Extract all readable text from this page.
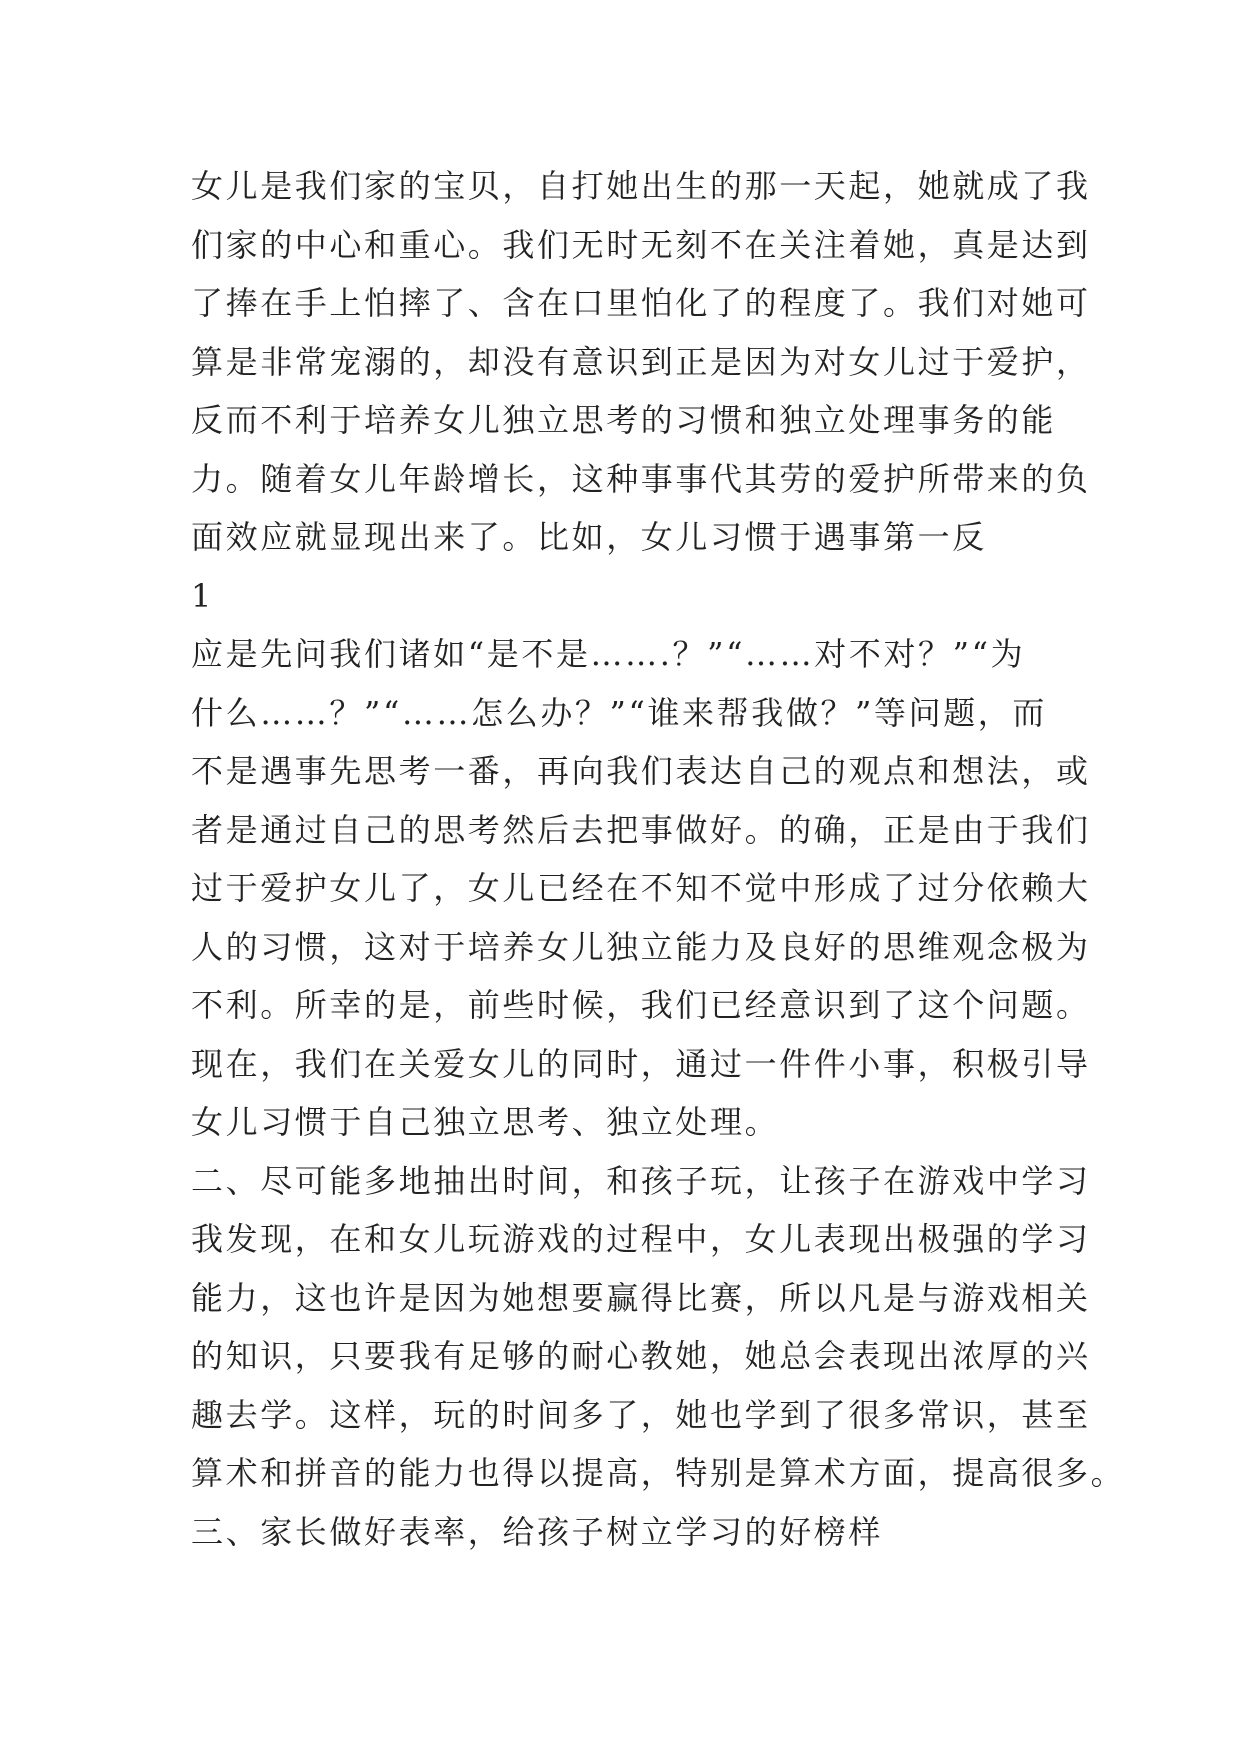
女儿是我们家的宝贝，自打她出生的那一天起，她就成了我
们家的中心和重心。我们无时无刻不在关注着她，真是达到
了捧在手上怕摔了、含在口里怕化了的程度了。我们对她可
算是非常宠溺的，却没有意识到正是因为对女儿过于爱护，
反而不利于培养女儿独立思考的习惯和独立处理事务的能
力。随着女儿年龄增长，这种事事代其劳的爱护所带来的负
面效应就显现出来了。比如，女儿习惯于遇事第一反
1
应是先问我们诸如“是不是…….？”“……对不对？”“为
什么……？”“……怎么办？”“谁来帮我做？”等问题，而
不是遇事先思考一番，再向我们表达自己的观点和想法，或
者是通过自己的思考然后去把事做好。的确，正是由于我们
过于爱护女儿了，女儿已经在不知不觉中形成了过分依赖大
人的习惯，这对于培养女儿独立能力及良好的思维观念极为
不利。所幸的是，前些时候，我们已经意识到了这个问题。
现在，我们在关爱女儿的同时，通过一件件小事，积极引导
女儿习惯于自己独立思考、独立处理。
二、尽可能多地抽出时间，和孩子玩，让孩子在游戏中学习
我发现，在和女儿玩游戏的过程中，女儿表现出极强的学习
能力，这也许是因为她想要赢得比赛，所以凡是与游戏相关
的知识，只要我有足够的耐心教她，她总会表现出浓厚的兴
趣去学。这样，玩的时间多了，她也学到了很多常识，甚至
算术和拼音的能力也得以提高，特别是算术方面，提高很多。
三、家长做好表率，给孩子树立学习的好榜样
